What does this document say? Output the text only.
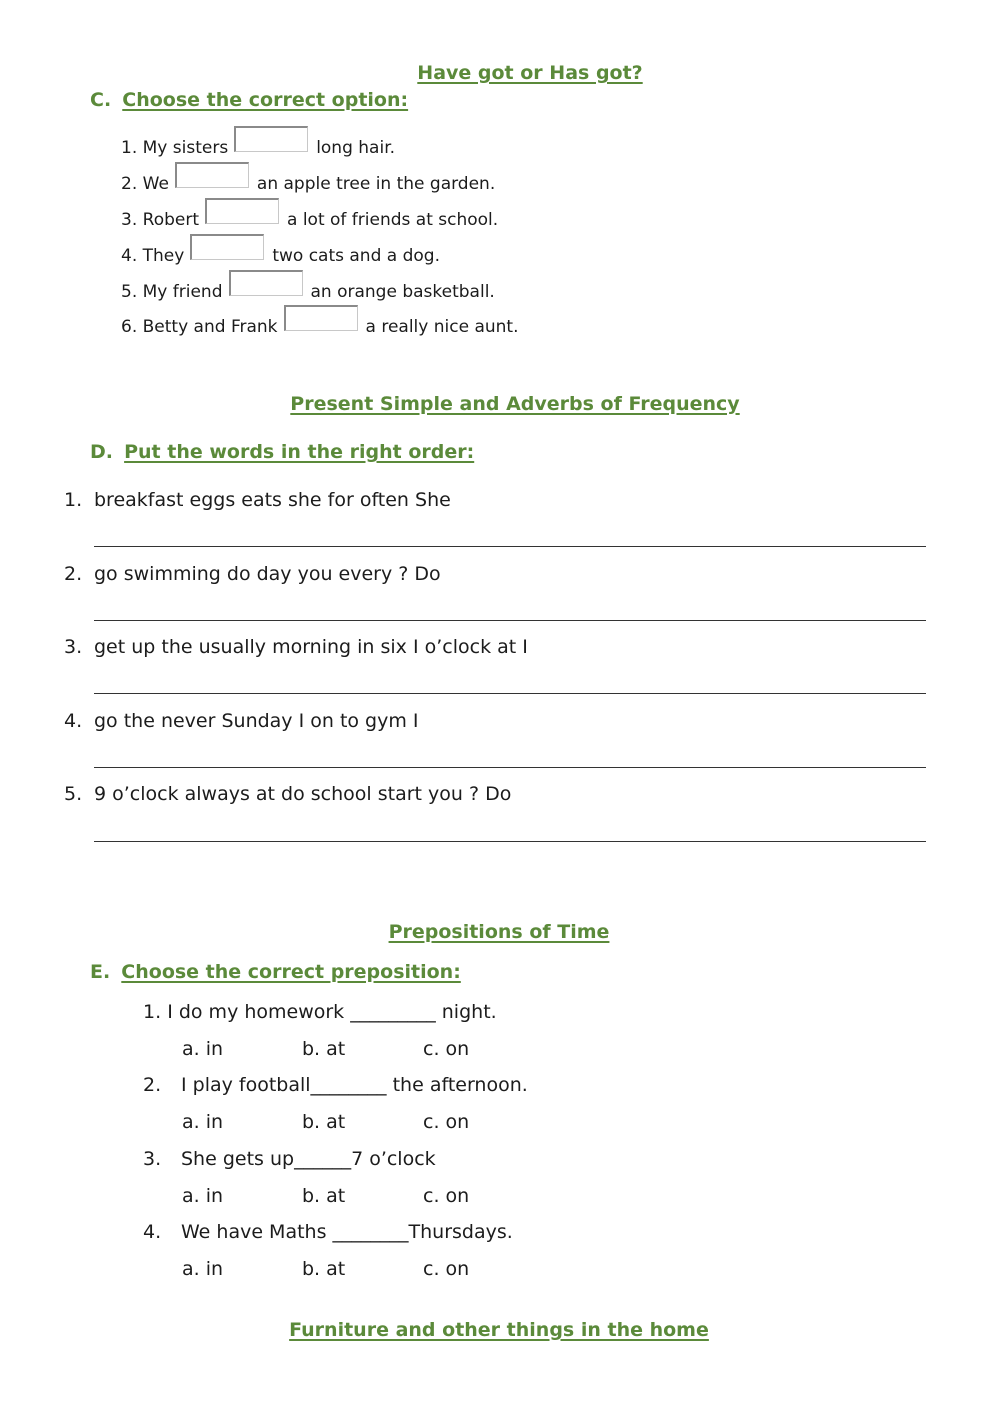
Have got or Has got?
C. Choose the correct option:
1.
My sisters	long hair.
2.
We	an apple tree in the garden.
3.
Robert	a lot of friends at school.
4.
They	two cats and a dog.
5.
My friend	an orange basketball.
6.
Betty and Frank	a really nice aunt.
Present Simple and Adverbs of Frequency
D. Put the words in the right order:
1. breakfast eggs eats she for often She
2. go swimming do day you every ? Do
3. get up the usually morning in six I o’clock at I
4. go the never Sunday I on to gym I
5. 9 o’clock always at do school start you ? Do
Prepositions of Time
E. Choose the correct preposition:
1. I do my homework _________ night.
a. in	b. at	c. on
2. I play football________ the afternoon.
a. in	b. at	c. on
3. She gets up______7 o’clock
a. in	b. at	c. on
4. We have Maths ________Thursdays.
a. in	b. at	c. on
Furniture and other things in the home
